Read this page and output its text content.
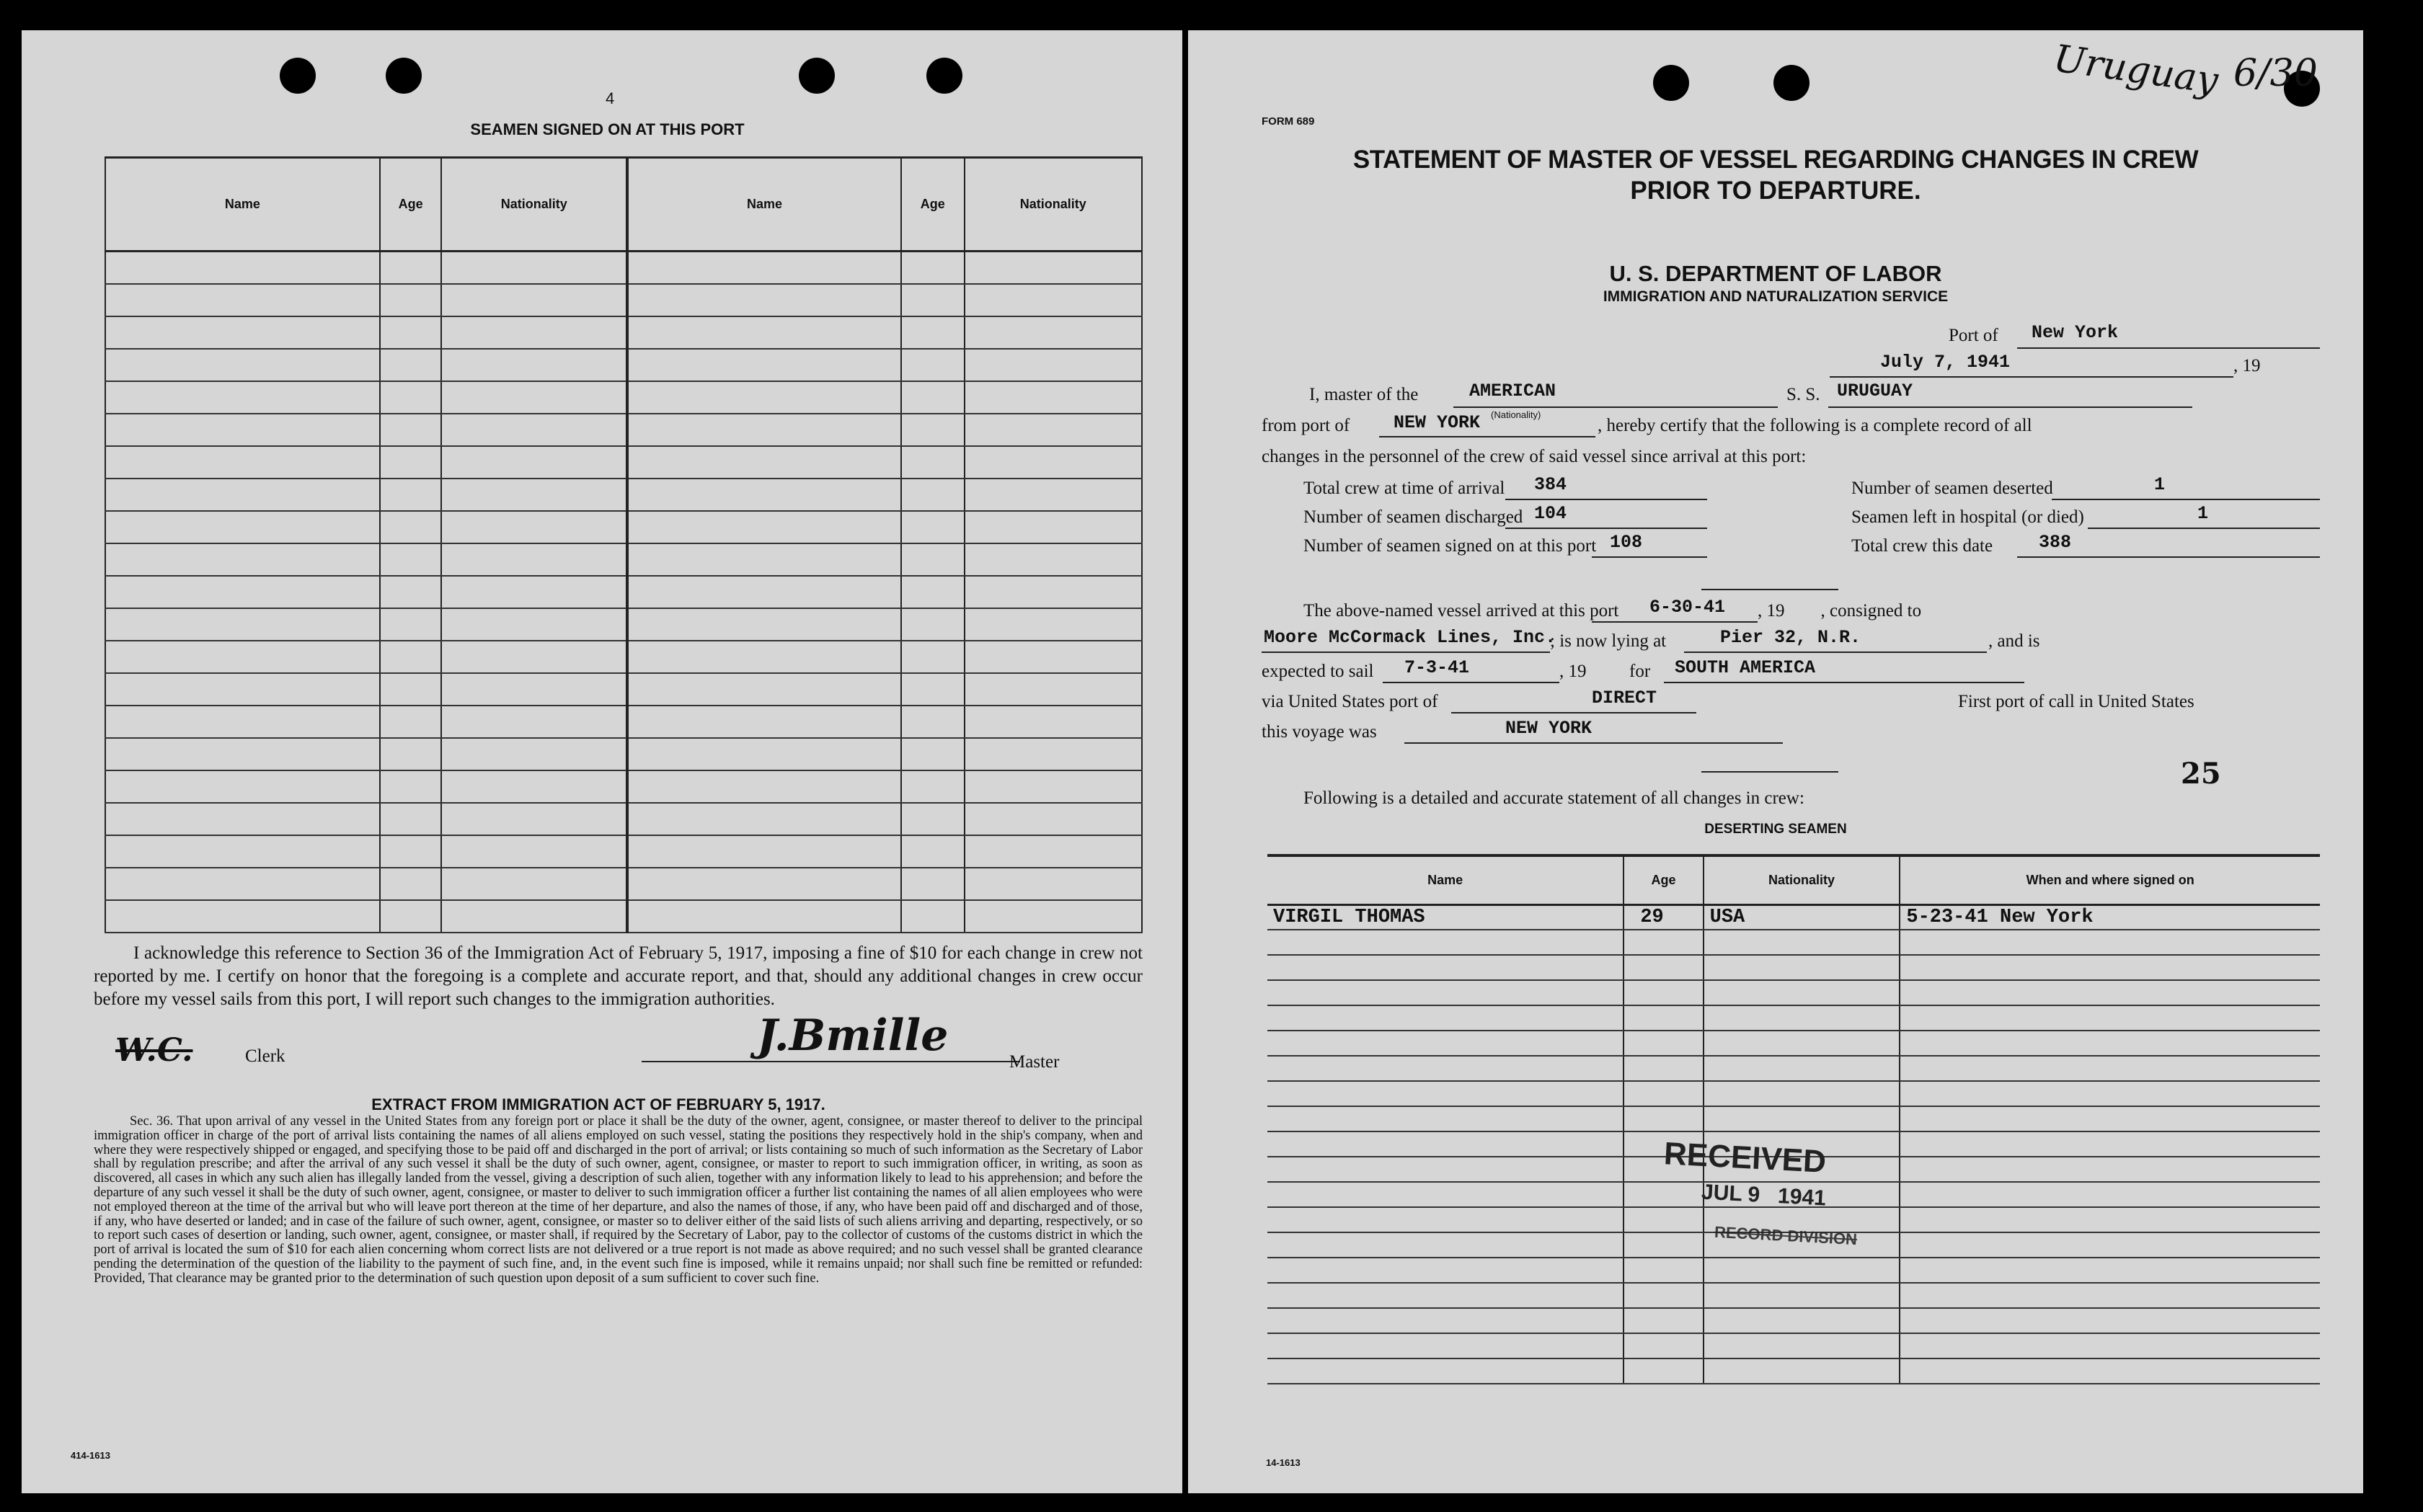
4
SEAMEN SIGNED ON AT THIS PORT
Name	Age	Nationality	Name	Age	Nationality

I acknowledge this reference to Section 36 of the Immigration Act of February 5, 1917, imposing a fine of $10 for each change in crew not reported by me. I certify on honor that the foregoing is a complete and accurate report, and that, should any additional changes in crew occur before my vessel sails from this port, I will report such changes to the immigration authorities.
W.C.	Clerk	J.Bmille
Master
EXTRACT FROM IMMIGRATION ACT OF FEBRUARY 5, 1917.
Sec. 36. That upon arrival of any vessel in the United States from any foreign port or place it shall be the duty of the owner, agent, consignee, or master thereof to deliver to the principal immigration officer in charge of the port of arrival lists containing the names of all aliens employed on such vessel, stating the positions they respectively hold in the ship's company, when and where they were respectively shipped or engaged, and specifying those to be paid off and discharged in the port of arrival; or lists containing so much of such information as the Secretary of Labor shall by regulation prescribe; and after the arrival of any such vessel it shall be the duty of such owner, agent, consignee, or master to report to such immigration officer, in writing, as soon as discovered, all cases in which any such alien has illegally landed from the vessel, giving a description of such alien, together with any information likely to lead to his apprehension; and before the departure of any such vessel it shall be the duty of such owner, agent, consignee, or master to deliver to such immigration officer a further list containing the names of all alien employees who were not employed thereon at the time of the arrival but who will leave port thereon at the time of her departure, and also the names of those, if any, who have been paid off and discharged and of those, if any, who have deserted or landed; and in case of the failure of such owner, agent, consignee, or master so to deliver either of the said lists of such aliens arriving and departing, respectively, or so to report such cases of desertion or landing, such owner, agent, consignee, or master shall, if required by the Secretary of Labor, pay to the collector of customs of the customs district in which the port of arrival is located the sum of $10 for each alien concerning whom correct lists are not delivered or a true report is not made as above required; and no such vessel shall be granted clearance pending the determination of the question of the liability to the payment of such fine, and, in the event such fine is imposed, while it remains unpaid; nor shall such fine be remitted or refunded: Provided, That clearance may be granted prior to the determination of such question upon deposit of a sum sufficient to cover such fine.
414-1613
Uruguay 6/30
FORM 689
STATEMENT OF MASTER OF VESSEL REGARDING CHANGES IN CREW
PRIOR TO DEPARTURE.
U. S. DEPARTMENT OF LABOR
IMMIGRATION AND NATURALIZATION SERVICE
Port of New York
July 7, 1941	, 19
I, master of the	AMERICAN	S. S. URUGUAY
from port of NEW YORK (Nationality)
, hereby certify that the following is a complete record of all
changes in the personnel of the crew of said vessel since arrival at this port:
Total crew at time of arrival 384
Number of seamen discharged 104
Number of seamen signed on at this port 108
Number of seamen deserted	1
Seamen left in hospital (or died)	1
Total crew this date	388
The above-named vessel arrived at this port 6-30-41 , 19        , consigned to
Moore McCormack Lines, Inc.
; is now lying at	Pier 32, N.R.	, and is
expected to sail 7-3-41	, 19 for SOUTH AMERICA
via United States port of	DIRECT	First port of call in United States
this voyage was	NEW YORK
25
Following is a detailed and accurate statement of all changes in crew:
DESERTING SEAMEN
Name	Age	Nationality	When and where signed on
VIRGIL THOMAS	29	USA	5-23-41 New York

RECEIVED
JUL 9   1941
RECORD DIVISION
14-1613
